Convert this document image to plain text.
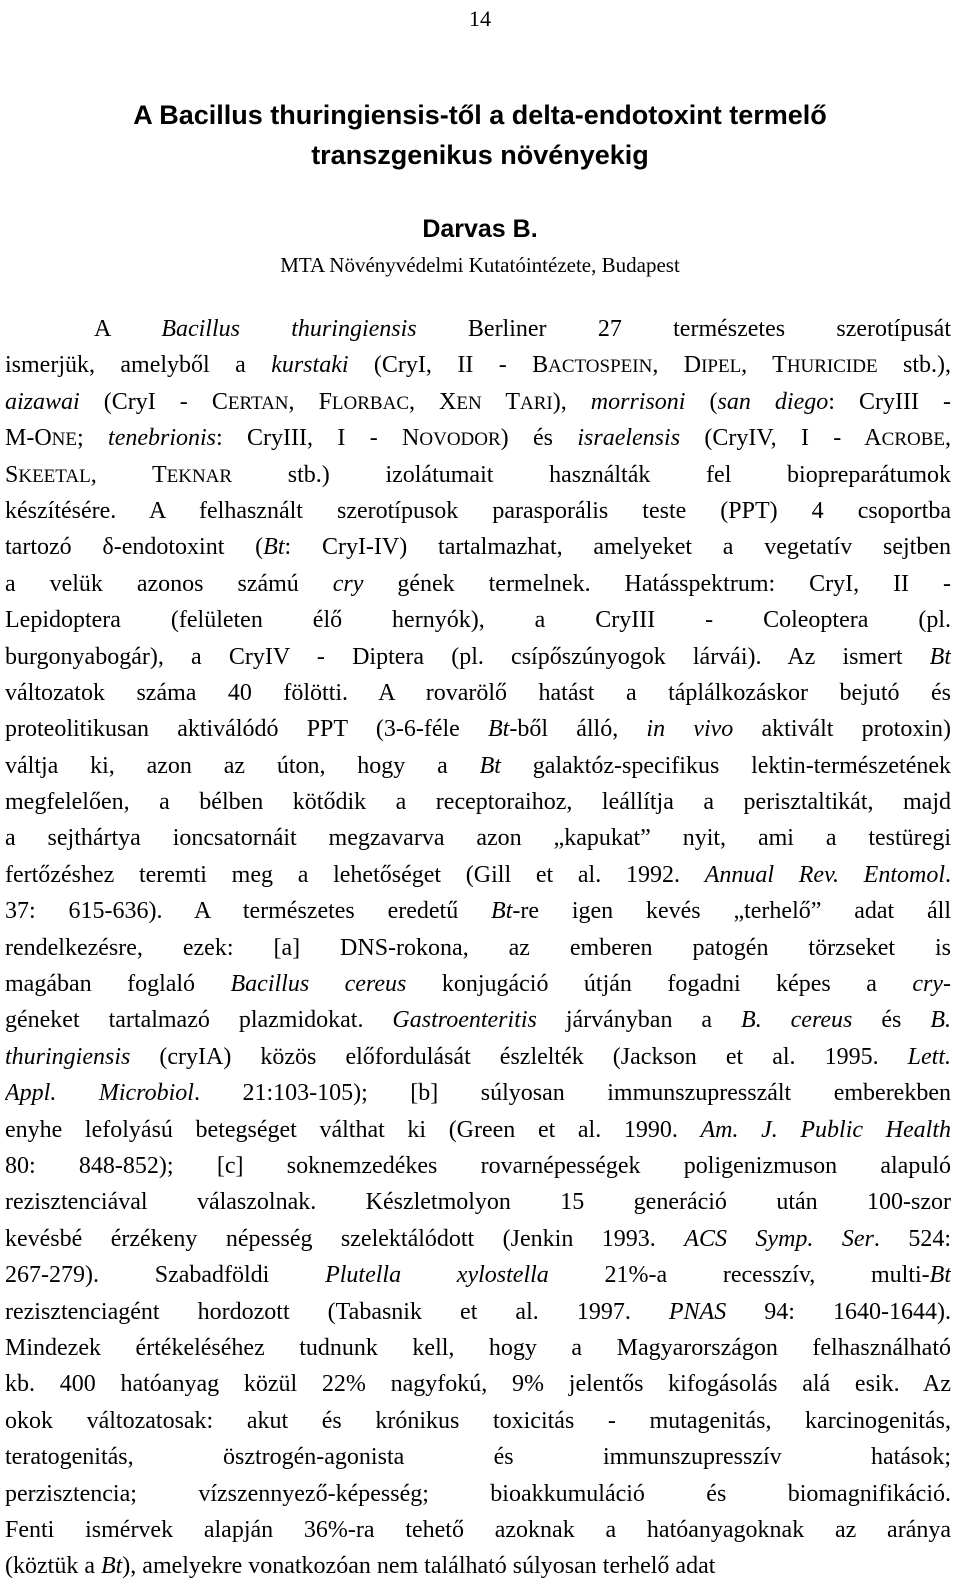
14
A Bacillus thuringiensis-től a delta-endotoxint termelő
transzgenikus növényekig
Darvas B.
MTA Növényvédelmi Kutatóintézete, Budapest
A Bacillus thuringiensis Berliner 27 természetes szerotípusát
ismerjük, amelyből a kurstaki (CryI, II - BACTOSPEIN, DIPEL, THURICIDE stb.),
aizawai (CryI - CERTAN, FLORBAC, XEN TARI), morrisoni (san diego: CryIII -
M-ONE; tenebrionis: CryIII, I - NOVODOR) és israelensis (CryIV, I - ACROBE,
SKEETAL, TEKNAR stb.) izolátumait használták fel biopreparátumok
készítésére. A felhasznált szerotípusok parasporális teste (PPT) 4 csoportba
tartozó δ-endotoxint (Bt: CryI-IV) tartalmazhat, amelyeket a vegetatív sejtben
a velük azonos számú cry gének termelnek. Hatásspektrum: CryI, II -
Lepidoptera (felületen élő hernyók), a CryIII - Coleoptera (pl.
burgonyabogár), a CryIV - Diptera (pl. csípőszúnyogok lárvái). Az ismert Bt
változatok száma 40 fölötti. A rovarölő hatást a táplálkozáskor bejutó és
proteolitikusan aktiválódó PPT (3-6-féle Bt-ből álló, in vivo aktivált protoxin)
váltja ki, azon az úton, hogy a Bt galaktóz-specifikus lektin-természetének
megfelelően, a bélben kötődik a receptoraihoz, leállítja a perisztaltikát, majd
a sejthártya ioncsatornáit megzavarva azon „kapukat” nyit, ami a testüregi
fertőzéshez teremti meg a lehetőséget (Gill et al. 1992. Annual Rev. Entomol.
37: 615-636). A természetes eredetű Bt-re igen kevés „terhelő” adat áll
rendelkezésre, ezek: [a] DNS-rokona, az emberen patogén törzseket is
magában foglaló Bacillus cereus konjugáció útján fogadni képes a cry-
géneket tartalmazó plazmidokat. Gastroenteritis járványban a B. cereus és B.
thuringiensis (cryIA) közös előfordulását észlelték (Jackson et al. 1995. Lett.
Appl. Microbiol. 21:103-105); [b] súlyosan immunszupresszált emberekben
enyhe lefolyású betegséget válthat ki (Green et al. 1990. Am. J. Public Health
80: 848-852); [c] soknemzedékes rovarnépességek poligenizmuson alapuló
rezisztenciával válaszolnak. Készletmolyon 15 generáció után 100-szor
kevésbé érzékeny népesség szelektálódott (Jenkin 1993. ACS Symp. Ser. 524:
267-279). Szabadföldi Plutella xylostella 21%-a recesszív, multi-Bt
rezisztenciagént hordozott (Tabasnik et al. 1997. PNAS 94: 1640-1644).
Mindezek értékeléséhez tudnunk kell, hogy a Magyarországon felhasználható
kb. 400 hatóanyag közül 22% nagyfokú, 9% jelentős kifogásolás alá esik. Az
okok változatosak: akut és krónikus toxicitás - mutagenitás, karcinogenitás,
teratogenitás, ösztrogén-agonista és immunszupresszív hatások;
perzisztencia; vízszennyező-képesség; bioakkumuláció és biomagnifikáció.
Fenti ismérvek alapján 36%-ra tehető azoknak a hatóanyagoknak az aránya
(köztük a Bt), amelyekre vonatkozóan nem található súlyosan terhelő adat
